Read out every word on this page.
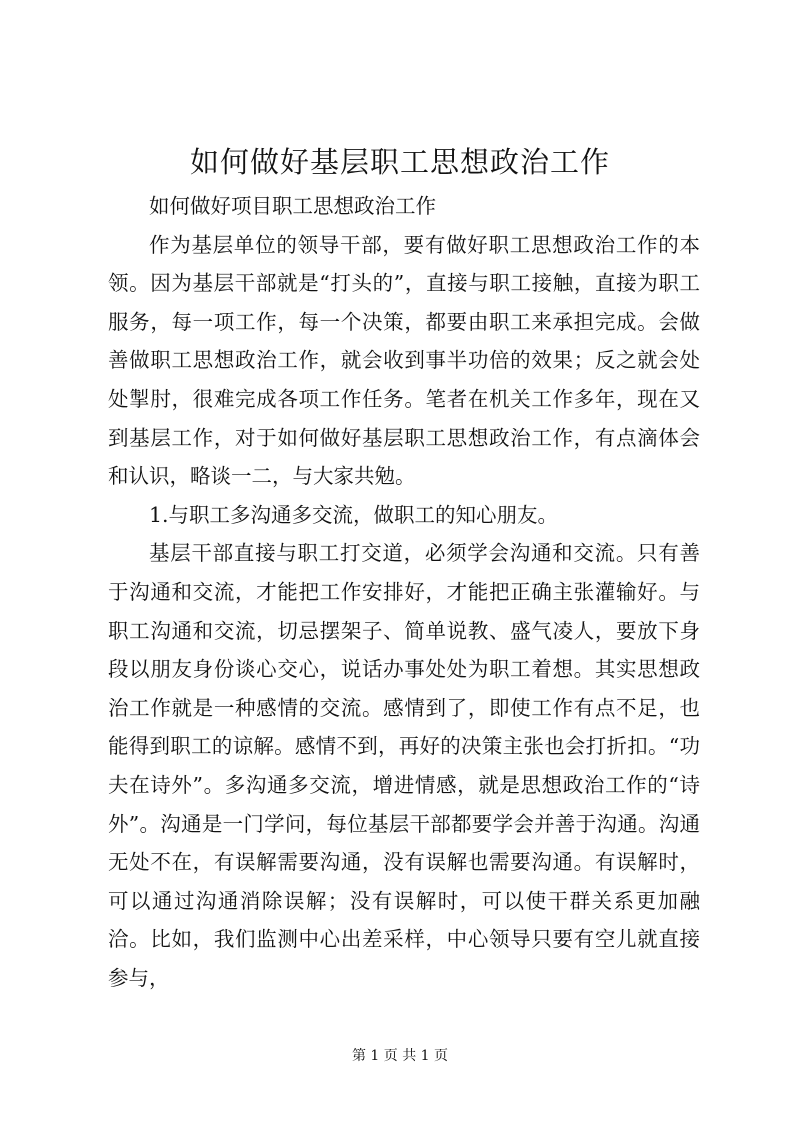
如何做好基层职工思想政治工作

如何做好项目职工思想政治工作

作为基层单位的领导干部，要有做好职工思想政治工作的本领。因为基层干部就是“打头的”，直接与职工接触，直接为职工服务，每一项工作，每一个决策，都要由职工来承担完成。会做善做职工思想政治工作，就会收到事半功倍的效果；反之就会处处掣肘，很难完成各项工作任务。笔者在机关工作多年，现在又到基层工作，对于如何做好基层职工思想政治工作，有点滴体会和认识，略谈一二，与大家共勉。

1.与职工多沟通多交流，做职工的知心朋友。

基层干部直接与职工打交道，必须学会沟通和交流。只有善于沟通和交流，才能把工作安排好，才能把正确主张灌输好。与职工沟通和交流，切忌摆架子、简单说教、盛气凌人，要放下身段以朋友身份谈心交心，说话办事处处为职工着想。其实思想政治工作就是一种感情的交流。感情到了，即使工作有点不足，也能得到职工的谅解。感情不到，再好的决策主张也会打折扣。“功夫在诗外”。多沟通多交流，增进情感，就是思想政治工作的“诗外”。沟通是一门学问，每位基层干部都要学会并善于沟通。沟通无处不在，有误解需要沟通，没有误解也需要沟通。有误解时，可以通过沟通消除误解；没有误解时，可以使干群关系更加融洽。比如，我们监测中心出差采样，中心领导只要有空儿就直接参与，

第 1 页 共 1 页
